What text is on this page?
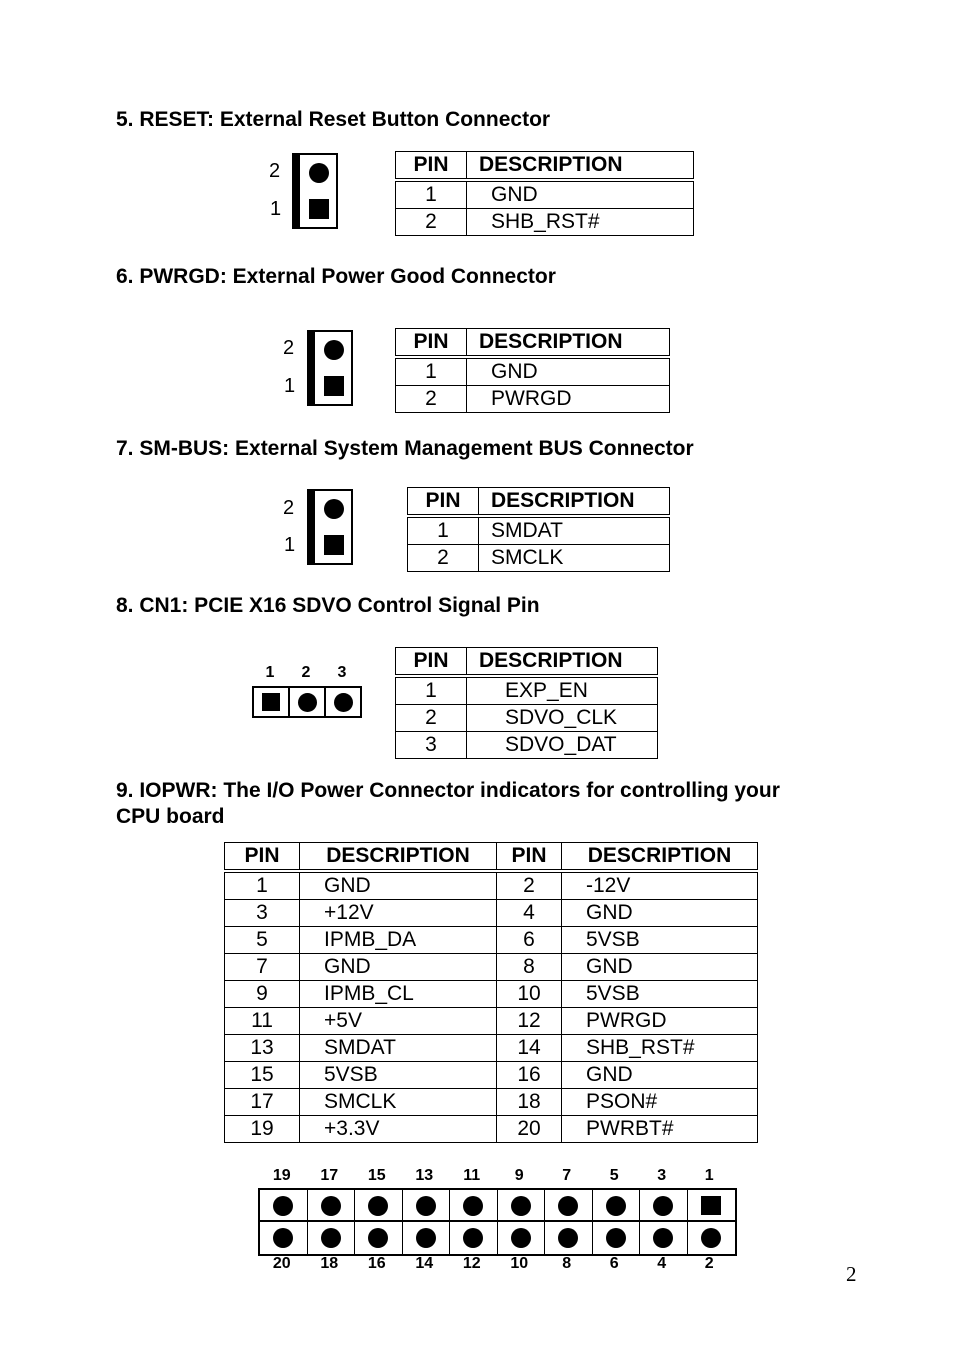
5. RESET: External Reset Button Connector
2
1
PIN	DESCRIPTION
1	GND
2	SHB_RST#
6. PWRGD: External Power Good Connector
2
1
PIN	DESCRIPTION
1	GND
2	PWRGD
7. SM-BUS: External System Management BUS Connector
2
1
PIN	DESCRIPTION
1	SMDAT
2	SMCLK
8. CN1: PCIE X16 SDVO Control Signal Pin
1	2	3
PIN	DESCRIPTION
1	EXP_EN
2	SDVO_CLK
3	SDVO_DAT
9. IOPWR: The I/O Power Connector indicators for controlling your
CPU board
PIN	DESCRIPTION	PIN	DESCRIPTION
1	GND	2	-12V
3	+12V	4	GND
5	IPMB_DA	6	5VSB
7	GND	8	GND
9	IPMB_CL	10	5VSB
11	+5V	12	PWRGD
13	SMDAT	14	SHB_RST#
15	5VSB	16	GND
17	SMCLK	18	PSON#
19	+3.3V	20	PWRBT#
19	17	15	13	11	9	7	5	3	1
20	18	16	14	12	10	8	6	4	2	2
